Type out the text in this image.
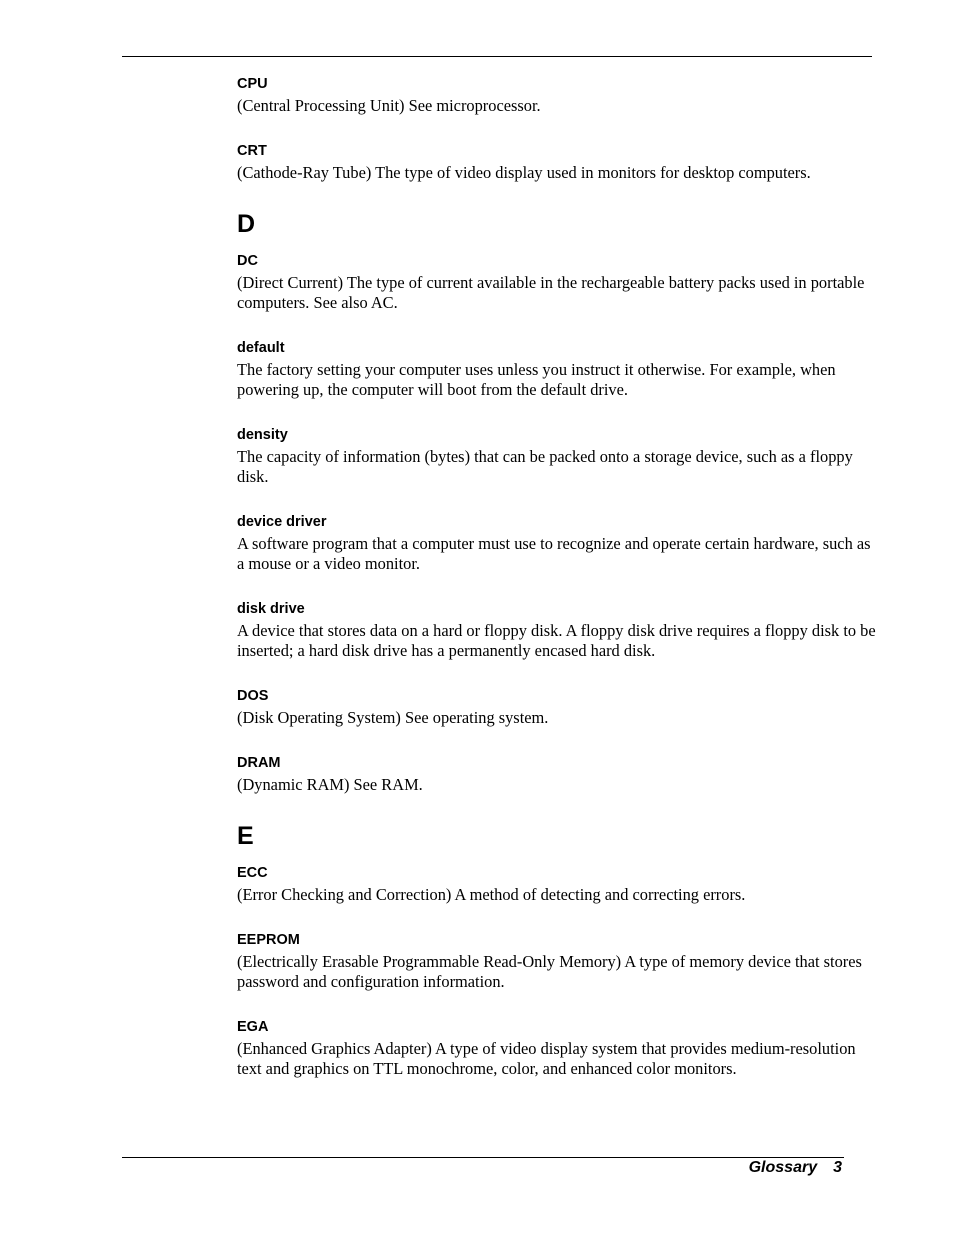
CPU

(Central Processing Unit) See microprocessor.

CRT

(Cathode-Ray Tube) The type of video display used in monitors for desktop computers.

D

DC

(Direct Current) The type of current available in the rechargeable battery packs used in portable computers. See also AC.

default

The factory setting your computer uses unless you instruct it otherwise. For example, when powering up, the computer will boot from the default drive.

density

The capacity of information (bytes) that can be packed onto a storage device, such as a floppy disk.

device driver

A software program that a computer must use to recognize and operate certain hardware, such as a mouse or a video monitor.

disk drive

A device that stores data on a hard or floppy disk. A floppy disk drive requires a floppy disk to be inserted; a hard disk drive has a permanently encased hard disk.

DOS

(Disk Operating System) See operating system.

DRAM

(Dynamic RAM) See RAM.

E

ECC

(Error Checking and Correction) A method of detecting and correcting errors.

EEPROM

(Electrically Erasable Programmable Read-Only Memory) A type of memory device that stores password and configuration information.

EGA

(Enhanced Graphics Adapter) A type of video display system that provides medium-resolution text and graphics on TTL monochrome, color, and enhanced color monitors.

Glossary 3
